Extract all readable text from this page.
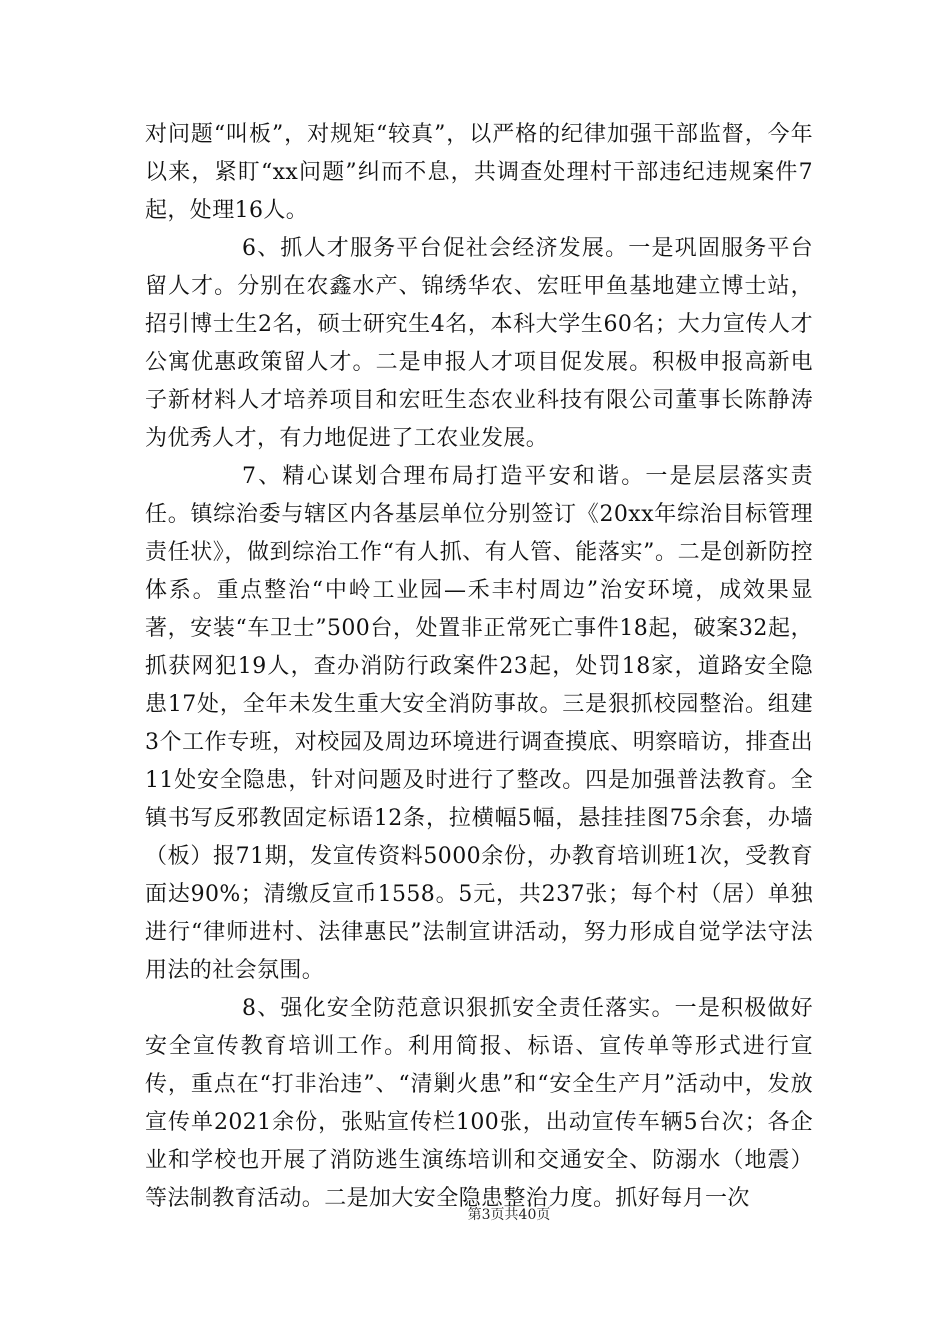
对问题“叫板”，对规矩“较真”，以严格的纪律加强干部监督，今年以来，紧盯“xx问题”纠而不息，共调查处理村干部违纪违规案件7起，处理16人。

6、抓人才服务平台促社会经济发展。一是巩固服务平台留人才。分别在农鑫水产、锦绣华农、宏旺甲鱼基地建立博士站，招引博士生2名，硕士研究生4名，本科大学生60名；大力宣传人才公寓优惠政策留人才。二是申报人才项目促发展。积极申报高新电子新材料人才培养项目和宏旺生态农业科技有限公司董事长陈静涛为优秀人才，有力地促进了工农业发展。

7、精心谋划合理布局打造平安和谐。一是层层落实责任。镇综治委与辖区内各基层单位分别签订《20xx年综治目标管理责任状》，做到综治工作“有人抓、有人管、能落实”。二是创新防控体系。重点整治“中岭工业园—禾丰村周边”治安环境，成效果显著，安装“车卫士”500台，处置非正常死亡事件18起，破案32起，抓获网犯19人，查办消防行政案件23起，处罚18家，道路安全隐患17处，全年未发生重大安全消防事故。三是狠抓校园整治。组建3个工作专班，对校园及周边环境进行调查摸底、明察暗访，排查出11处安全隐患，针对问题及时进行了整改。四是加强普法教育。全镇书写反邪教固定标语12条，拉横幅5幅，悬挂挂图75余套，办墙（板）报71期，发宣传资料5000余份，办教育培训班1次，受教育面达90%；清缴反宣币1558。5元，共237张；每个村（居）单独进行“律师进村、法律惠民”法制宣讲活动，努力形成自觉学法守法用法的社会氛围。

8、强化安全防范意识狠抓安全责任落实。一是积极做好安全宣传教育培训工作。利用简报、标语、宣传单等形式进行宣传，重点在“打非治违”、“清剿火患”和“安全生产月”活动中，发放宣传单2021余份，张贴宣传栏100张，出动宣传车辆5台次；各企业和学校也开展了消防逃生演练培训和交通安全、防溺水（地震）等法制教育活动。二是加大安全隐患整治力度。抓好每月一次

第3页共40页
